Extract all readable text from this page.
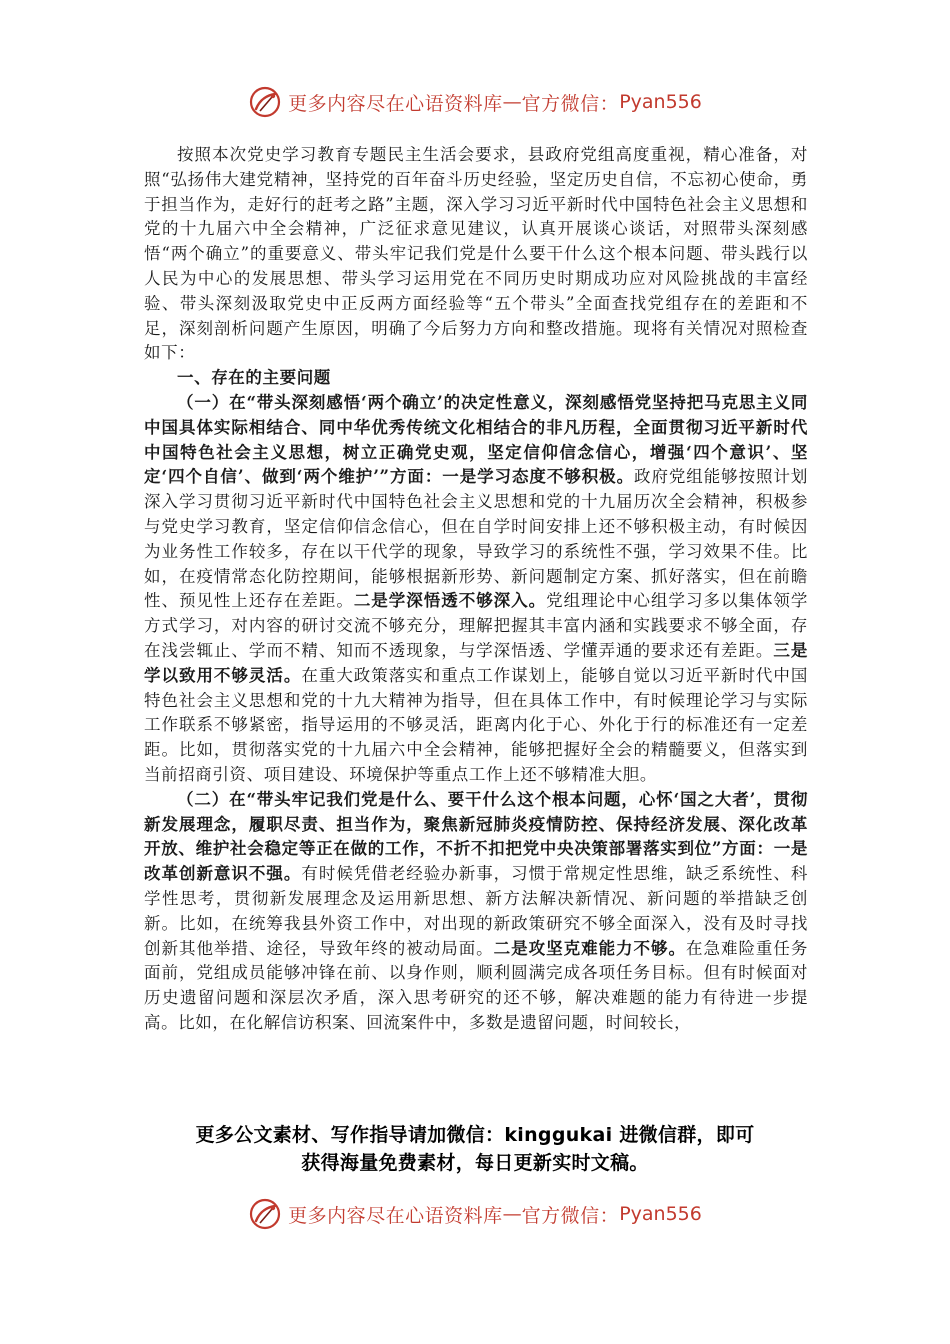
更多内容尽在心语资料库 — 官方微信： Pyan556

按照本次党史学习教育专题民主生活会要求，县政府党组高度重视，精心准备，对照“弘扬伟大建党精神，坚持党的百年奋斗历史经验，坚定历史自信，不忘初心使命，勇于担当作为，走好行的赶考之路”主题，深入学习习近平新时代中国特色社会主义思想和党的十九届六中全会精神，广泛征求意见建议，认真开展谈心谈话，对照带头深刻感悟“两个确立”的重要意义、带头牢记我们党是什么要干什么这个根本问题、带头践行以人民为中心的发展思想、带头学习运用党在不同历史时期成功应对风险挑战的丰富经验、带头深刻汲取党史中正反两方面经验等“五个带头”全面查找党组存在的差距和不足，深刻剖析问题产生原因，明确了今后努力方向和整改措施。现将有关情况对照检查如下：

一、存在的主要问题

（一）在“带头深刻感悟‘两个确立’的决定性意义，深刻感悟党坚持把马克思主义同中国具体实际相结合、同中华优秀传统文化相结合的非凡历程，全面贯彻习近平新时代中国特色社会主义思想，树立正确党史观，坚定信仰信念信心，增强‘四个意识’、坚定‘四个自信’、做到‘两个维护’”方面：一是学习态度不够积极。政府党组能够按照计划深入学习贯彻习近平新时代中国特色社会主义思想和党的十九届历次全会精神，积极参与党史学习教育，坚定信仰信念信心，但在自学时间安排上还不够积极主动，有时候因为业务性工作较多，存在以干代学的现象，导致学习的系统性不强，学习效果不佳。比如，在疫情常态化防控期间，能够根据新形势、新问题制定方案、抓好落实，但在前瞻性、预见性上还存在差距。二是学深悟透不够深入。党组理论中心组学习多以集体领学方式学习，对内容的研讨交流不够充分，理解把握其丰富内涵和实践要求不够全面，存在浅尝辄止、学而不精、知而不透现象，与学深悟透、学懂弄通的要求还有差距。三是学以致用不够灵活。在重大政策落实和重点工作谋划上，能够自觉以习近平新时代中国特色社会主义思想和党的十九大精神为指导，但在具体工作中，有时候理论学习与实际工作联系不够紧密，指导运用的不够灵活，距离内化于心、外化于行的标准还有一定差距。比如，贯彻落实党的十九届六中全会精神，能够把握好全会的精髓要义，但落实到当前招商引资、项目建设、环境保护等重点工作上还不够精准大胆。

（二）在“带头牢记我们党是什么、要干什么这个根本问题，心怀‘国之大者’，贯彻新发展理念，履职尽责、担当作为，聚焦新冠肺炎疫情防控、保持经济发展、深化改革开放、维护社会稳定等正在做的工作，不折不扣把党中央决策部署落实到位”方面：一是改革创新意识不强。有时候凭借老经验办新事，习惯于常规定性思维，缺乏系统性、科学性思考，贯彻新发展理念及运用新思想、新方法解决新情况、新问题的举措缺乏创新。比如，在统筹我县外资工作中，对出现的新政策研究不够全面深入，没有及时寻找创新其他举措、途径，导致年终的被动局面。二是攻坚克难能力不够。在急难险重任务面前，党组成员能够冲锋在前、以身作则，顺利圆满完成各项任务目标。但有时候面对历史遗留问题和深层次矛盾，深入思考研究的还不够，解决难题的能力有待进一步提高。比如，在化解信访积案、回流案件中，多数是遗留问题，时间较长，

更多公文素材、写作指导请加微信：kinggukai 进微信群，即可
获得海量免费素材，每日更新实时文稿。
更多内容尽在心语资料库 — 官方微信： Pyan556
